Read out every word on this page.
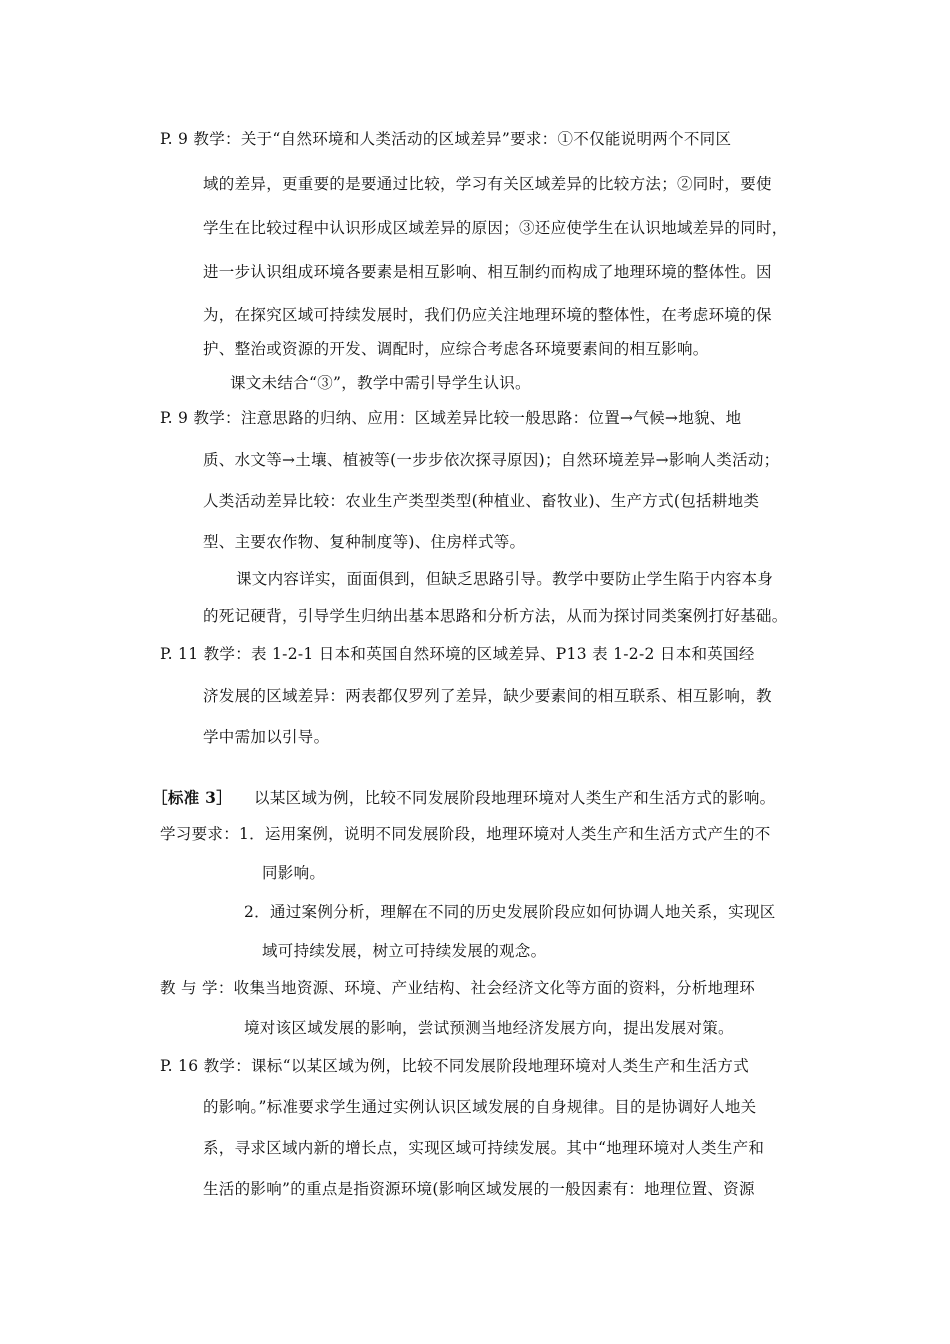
P. 9 教学：关于“自然环境和人类活动的区域差异”要求：①不仅能说明两个不同区
域的差异，更重要的是要通过比较，学习有关区域差异的比较方法；②同时，要使
学生在比较过程中认识形成区域差异的原因；③还应使学生在认识地域差异的同时，
进一步认识组成环境各要素是相互影响、相互制约而构成了地理环境的整体性。因
为，在探究区域可持续发展时，我们仍应关注地理环境的整体性，在考虑环境的保
护、整治或资源的开发、调配时，应综合考虑各环境要素间的相互影响。
课文未结合“③”，教学中需引导学生认识。
P. 9 教学：注意思路的归纳、应用：区域差异比较一般思路：位置→气候→地貌、地
质、水文等→土壤、植被等(一步步依次探寻原因)；自然环境差异→影响人类活动；
人类活动差异比较：农业生产类型类型(种植业、畜牧业)、生产方式(包括耕地类
型、主要农作物、复种制度等)、住房样式等。
课文内容详实，面面俱到，但缺乏思路引导。教学中要防止学生陷于内容本身
的死记硬背，引导学生归纳出基本思路和分析方法，从而为探讨同类案例打好基础。
P. 11 教学：表 1-2-1 日本和英国自然环境的区域差异、P13 表 1-2-2 日本和英国经
济发展的区域差异：两表都仅罗列了差异，缺少要素间的相互联系、相互影响，教
学中需加以引导。
［标准 3］ 以某区域为例，比较不同发展阶段地理环境对人类生产和生活方式的影响。
学习要求：1．运用案例，说明不同发展阶段，地理环境对人类生产和生活方式产生的不
同影响。
2．通过案例分析，理解在不同的历史发展阶段应如何协调人地关系，实现区
域可持续发展，树立可持续发展的观念。
教 与 学：收集当地资源、环境、产业结构、社会经济文化等方面的资料，分析地理环
境对该区域发展的影响，尝试预测当地经济发展方向，提出发展对策。
P. 16 教学：课标“以某区域为例，比较不同发展阶段地理环境对人类生产和生活方式
的影响。”标准要求学生通过实例认识区域发展的自身规律。目的是协调好人地关
系，寻求区域内新的增长点，实现区域可持续发展。其中“地理环境对人类生产和
生活的影响”的重点是指资源环境(影响区域发展的一般因素有：地理位置、资源
